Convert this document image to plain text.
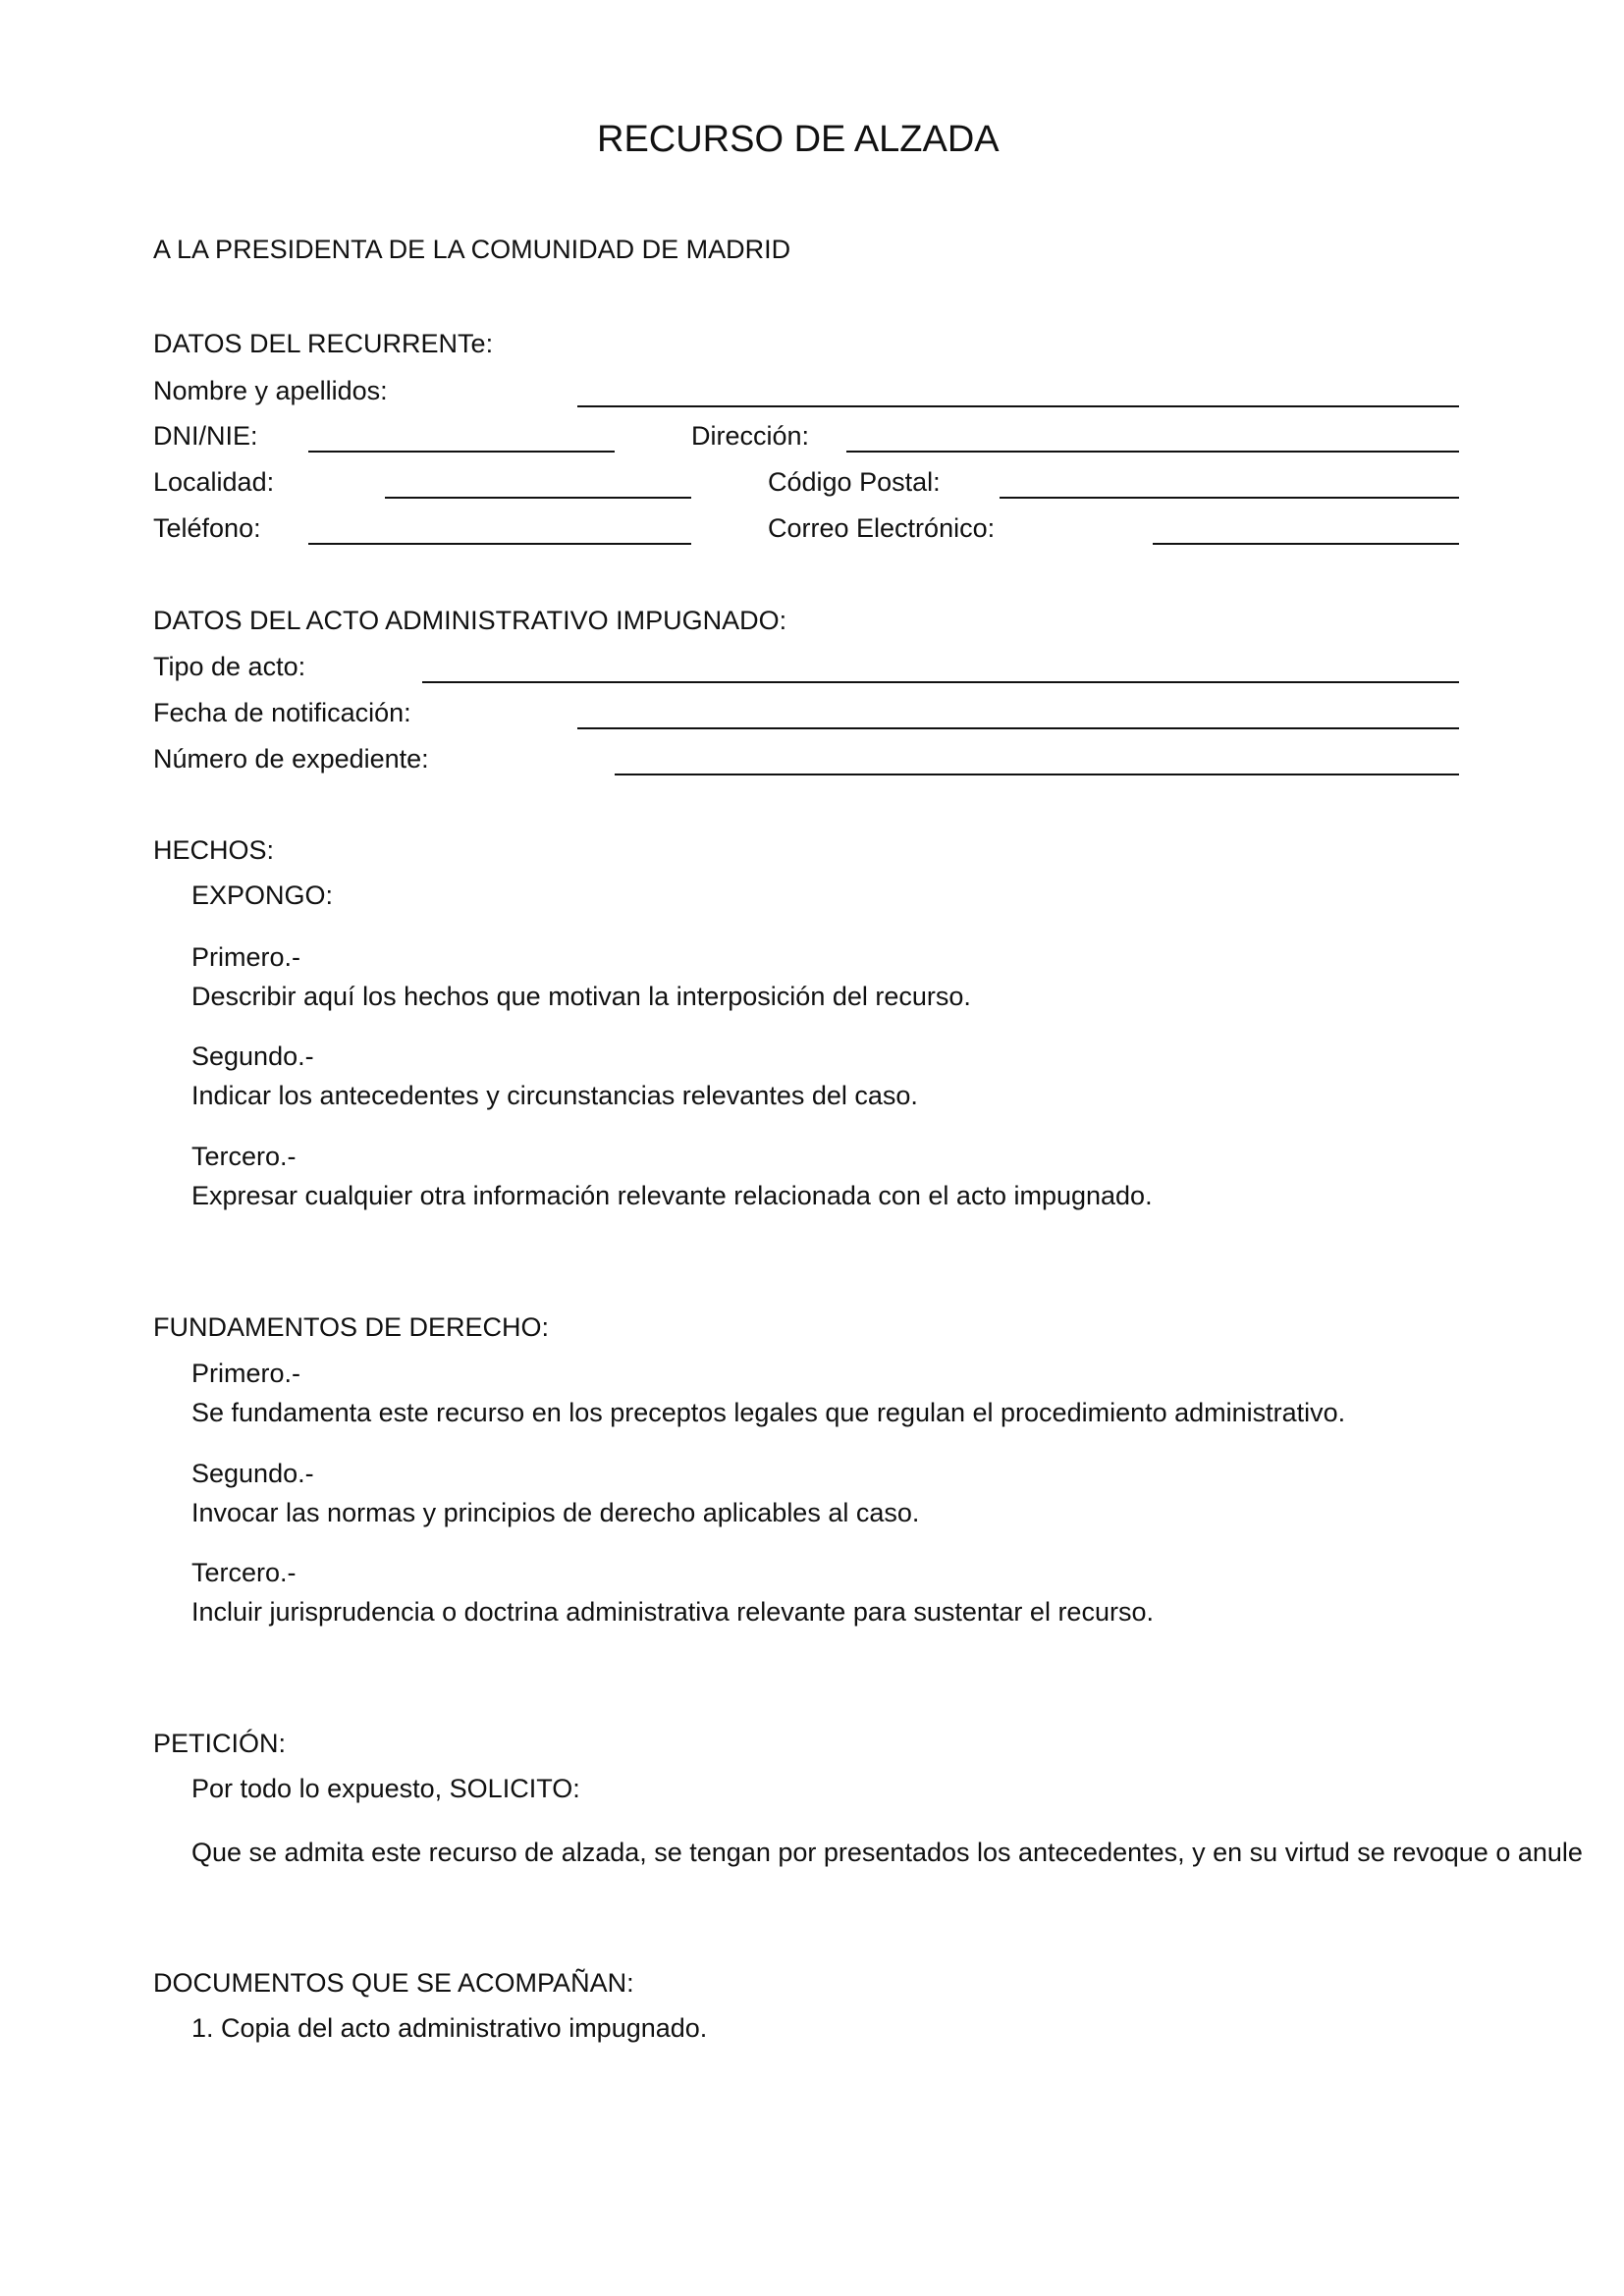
RECURSO DE ALZADA
A LA PRESIDENTA DE LA COMUNIDAD DE MADRID
DATOS DEL RECURRENTe:
Nombre y apellidos:
DNI/NIE:	Dirección:
Localidad:	Código Postal:
Teléfono:	Correo Electrónico:
DATOS DEL ACTO ADMINISTRATIVO IMPUGNADO:
Tipo de acto:
Fecha de notificación:
Número de expediente:
HECHOS:
EXPONGO:
Primero.-
Describir aquí los hechos que motivan la interposición del recurso.
Segundo.-
Indicar los antecedentes y circunstancias relevantes del caso.
Tercero.-
Expresar cualquier otra información relevante relacionada con el acto impugnado.
FUNDAMENTOS DE DERECHO:
Primero.-
Se fundamenta este recurso en los preceptos legales que regulan el procedimiento administrativo.
Segundo.-
Invocar las normas y principios de derecho aplicables al caso.
Tercero.-
Incluir jurisprudencia o doctrina administrativa relevante para sustentar el recurso.
PETICIÓN:
Por todo lo expuesto, SOLICITO:
Que se admita este recurso de alzada, se tengan por presentados los antecedentes, y en su virtud se revoque o anule
DOCUMENTOS QUE SE ACOMPAÑAN:
1. Copia del acto administrativo impugnado.
